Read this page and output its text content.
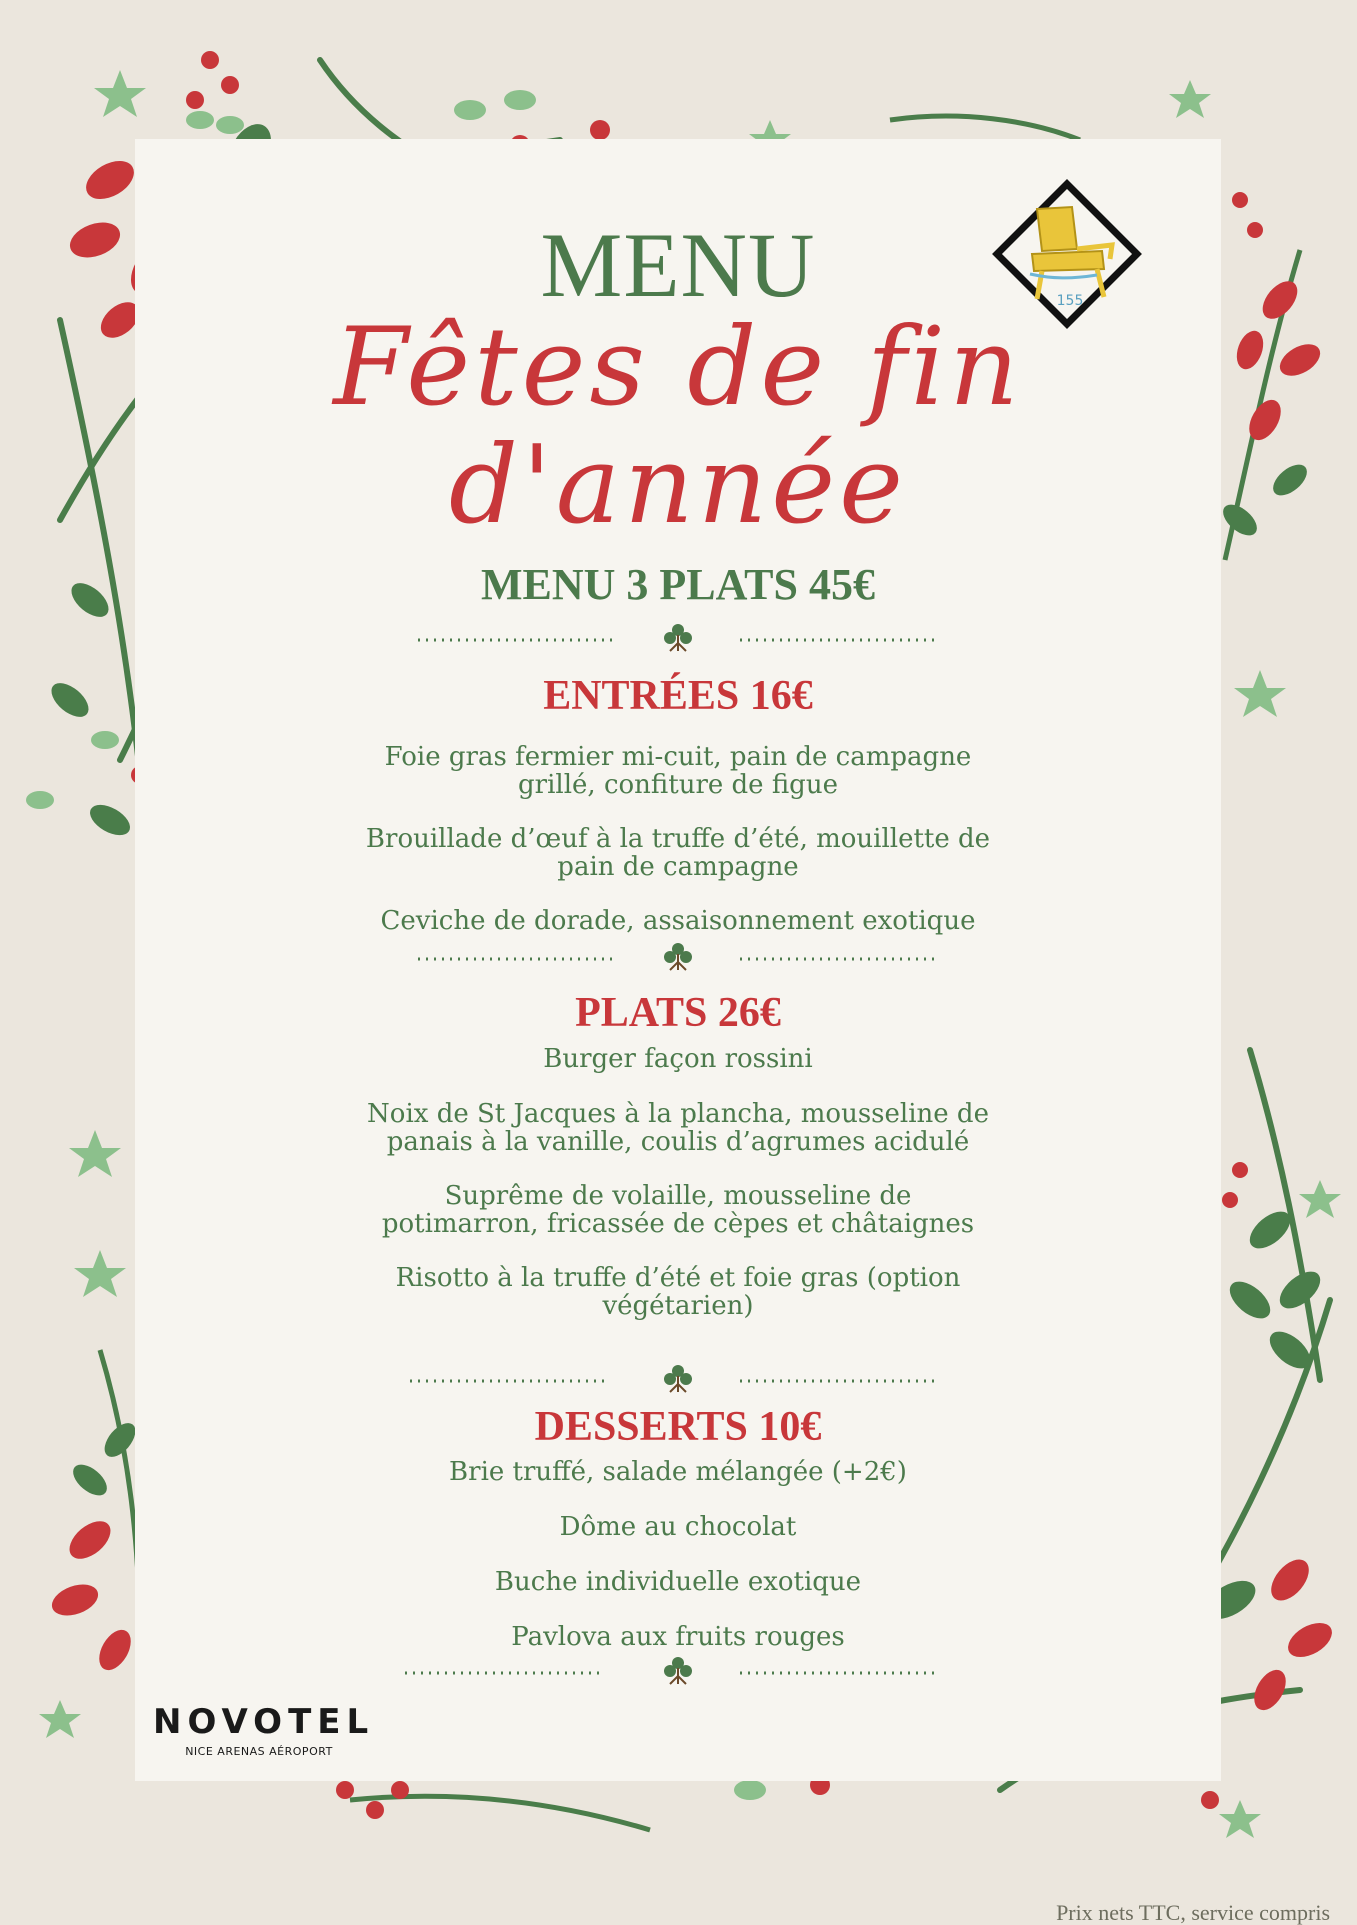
155
MENU
Fêtes de fin
d'année
MENU 3 PLATS 45€
ENTRÉES 16€
Foie gras fermier mi-cuit, pain de campagne
grillé, confiture de figue
Brouillade d’œuf à la truffe d’été, mouillette de
pain de campagne
Ceviche de dorade, assaisonnement exotique
PLATS 26€
Burger façon rossini
Noix de St Jacques à la plancha, mousseline de
panais à la vanille, coulis d’agrumes acidulé
Suprême de volaille, mousseline de
potimarron, fricassée de cèpes et châtaignes
Risotto à la truffe d’été et foie gras (option
végétarien)
DESSERTS 10€
Brie truffé, salade mélangée (+2€)
Dôme au chocolat
Buche individuelle exotique
Pavlova aux fruits rouges
NOVOTEL
NICE ARENAS AÉROPORT
Prix nets TTC, service compris
